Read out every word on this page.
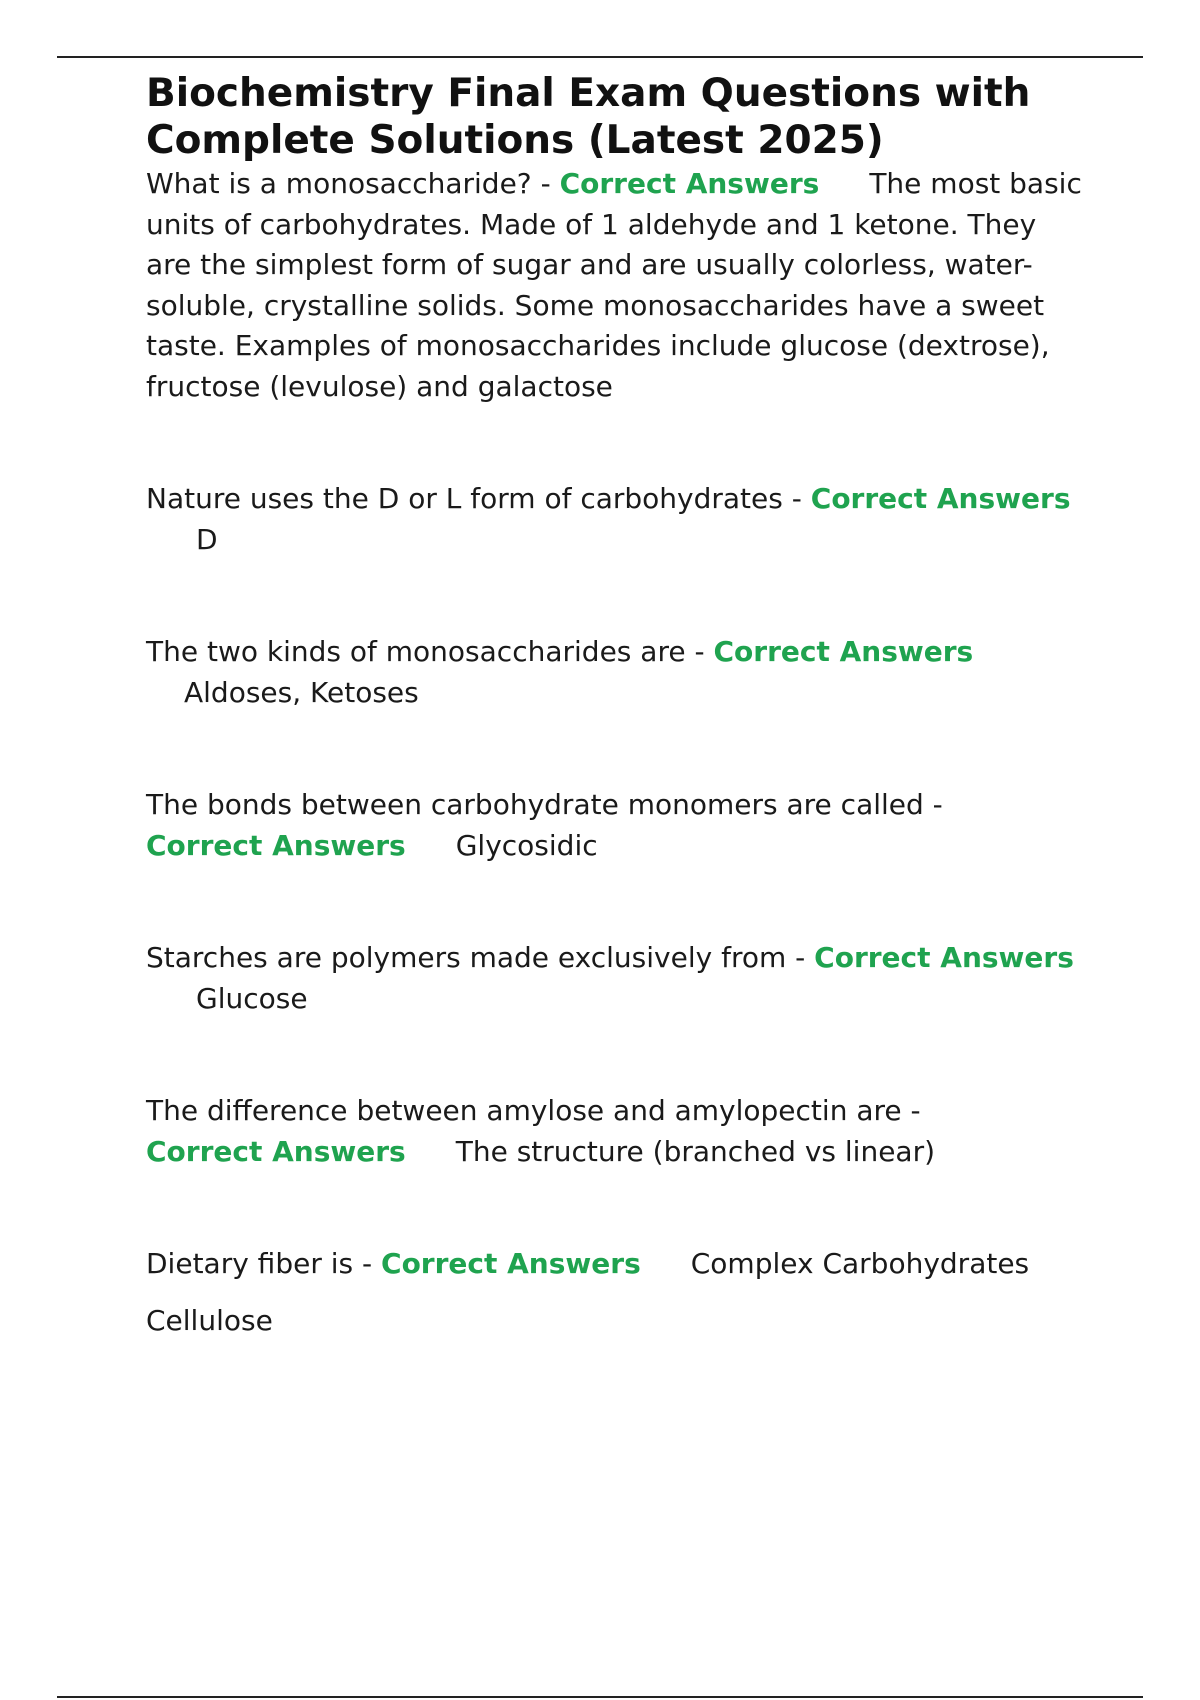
Biochemistry Final Exam Questions with Complete Solutions (Latest 2025)

What is a monosaccharide? - Correct Answers The most basic units of carbohydrates. Made of 1 aldehyde and 1 ketone. They are the simplest form of sugar and are usually colorless, water-soluble, crystalline solids. Some monosaccharides have a sweet taste. Examples of monosaccharides include glucose (dextrose), fructose (levulose) and galactose

Nature uses the D or L form of carbohydrates - Correct AnswersD

The two kinds of monosaccharides are - Correct Answers
Aldoses, Ketoses

The bonds between carbohydrate monomers are called -
Correct Answers Glycosidic

Starches are polymers made exclusively from - Correct AnswersGlucose

The difference between amylose and amylopectin are -
Correct Answers The structure (branched vs linear)

Dietary fiber is - Correct Answers Complex Carbohydrates

Cellulose
